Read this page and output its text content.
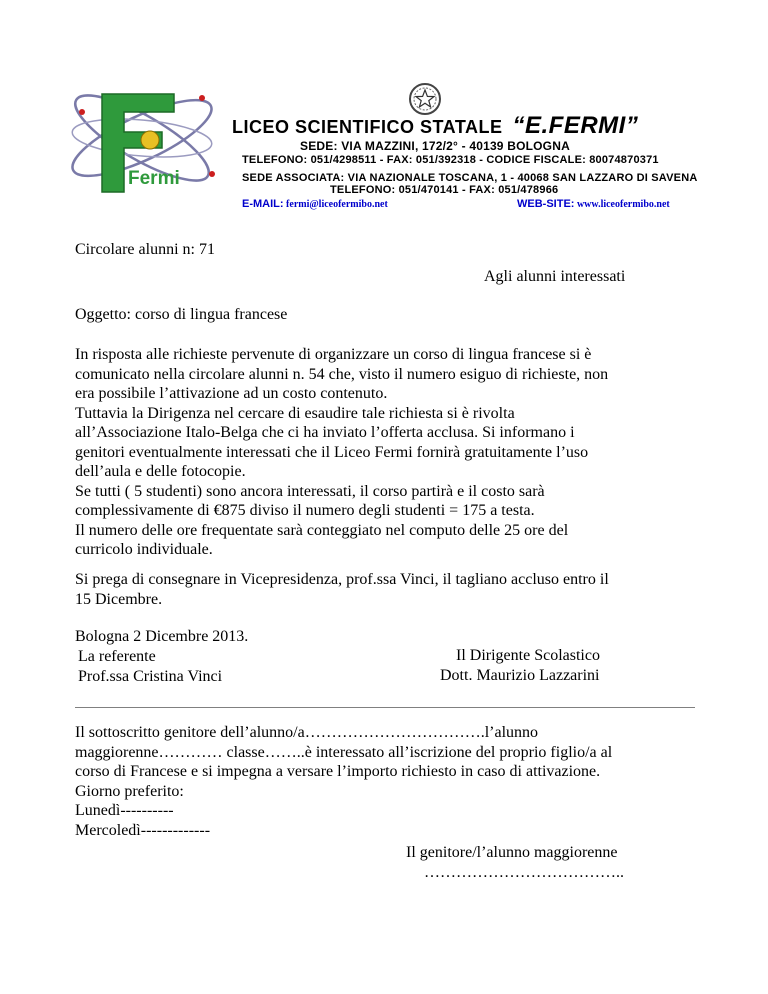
Fermi
LICEO SCIENTIFICO STATALE “E.FERMI”
SEDE: VIA MAZZINI, 172/2° - 40139 BOLOGNA
TELEFONO: 051/4298511 - FAX: 051/392318 - CODICE FISCALE: 80074870371
SEDE ASSOCIATA: VIA NAZIONALE TOSCANA, 1 - 40068 SAN LAZZARO DI SAVENA
TELEFONO: 051/470141 - FAX: 051/478966
E-MAIL: fermi@liceofermibo.net	WEB-SITE: www.liceofermibo.net
Circolare alunni n: 71
Agli alunni interessati
Oggetto: corso di lingua francese
In risposta alle richieste pervenute di organizzare un corso di lingua francese si è
comunicato nella circolare alunni n. 54 che, visto il numero esiguo di richieste, non
era possibile l’attivazione ad un costo contenuto.
Tuttavia la Dirigenza nel cercare di esaudire tale richiesta si è rivolta
all’Associazione Italo-Belga che ci ha inviato l’offerta acclusa. Si informano i
genitori eventualmente interessati che il Liceo Fermi fornirà gratuitamente l’uso
dell’aula e delle fotocopie.
Se tutti ( 5 studenti) sono ancora interessati, il corso partirà e il costo sarà
complessivamente di €875 diviso il numero degli studenti = 175 a testa.
Il numero delle ore frequentate sarà conteggiato nel computo delle 25 ore del
curricolo individuale.
Si prega di consegnare in Vicepresidenza, prof.ssa Vinci, il tagliano accluso entro il
15 Dicembre.
Bologna 2 Dicembre 2013.
La referente
Prof.ssa Cristina Vinci
Il Dirigente Scolastico
Dott. Maurizio Lazzarini
Il sottoscritto genitore dell’alunno/a…………………………….l’alunno
maggiorenne………… classe……..è interessato all’iscrizione del proprio figlio/a al
corso di Francese e si impegna a versare l’importo richiesto in caso di attivazione.
Giorno preferito:
Lunedì----------
Mercoledì-------------
Il genitore/l’alunno maggiorenne
………………………………..
